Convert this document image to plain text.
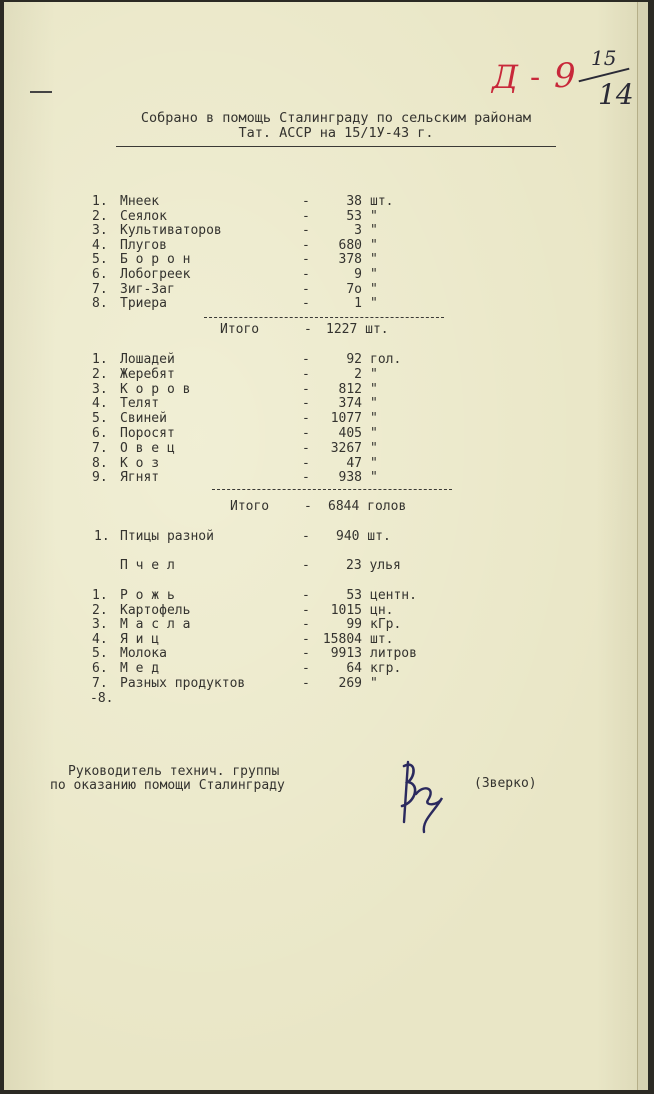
Д - 9 15
14
Собрано в помощь Сталинграду по сельским районам
Тат. АССР на 15/1У-43 г.
1. Мнеек	-	38 шт.
2. Сеялок	-	53 "
3. Культиваторов	-	3 "
4. Плугов	-	680 "
5. Б о р о н	-	378 "
6. Лобогреек	-	9 "
7. Зиг-Заг	-	7о "
8. Триера	-	1 "
Итого	- 1227 шт.
1. Лошадей	-	92 гол.
2. Жеребят	-	2 "
3. К о р о в	-	812 "
4. Телят	-	374 "
5. Свиней	-	1077 "
6. Поросят	-	405 "
7. О в е ц	-	3267 "
8. К о з	-	47 "
9. Ягнят	-	938 "
Итого	- 6844 голов
1. Птицы разной	- 940 шт.
П ч е л	-	23 улья
1. Р о ж ь	-	53 центн.
2. Картофель	-	1015 цн.
3. М а с л а	-	99 кГр.
4. Я и ц	-	15804 шт.
5. Молока	-	9913 литров
6. М е д	-	64 кгр.
7. Разных продуктов	-	269 "
-8.
Руководитель технич. группы
по оказанию помощи Сталинграду	(Зверко)
